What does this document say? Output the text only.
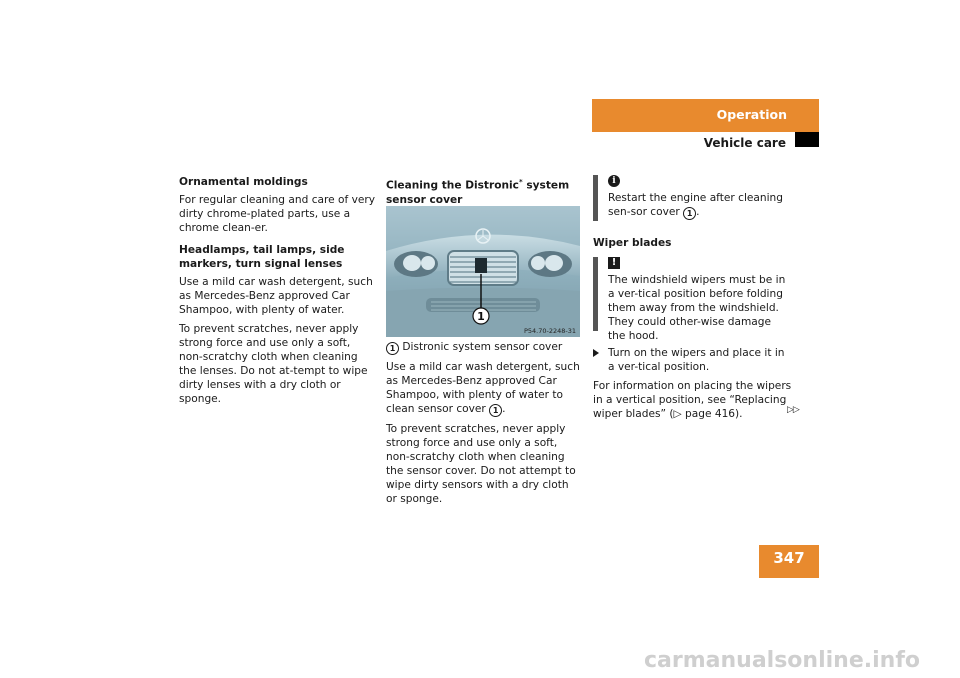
Operation
Vehicle care
Ornamental moldings

For regular cleaning and care of very dirty chrome-plated parts, use a chrome clean-er.

Headlamps, tail lamps, side markers, turn signal lenses

Use a mild car wash detergent, such as Mercedes-Benz approved Car Shampoo, with plenty of water.

To prevent scratches, never apply strong force and use only a soft, non-scratchy cloth when cleaning the lenses. Do not at-tempt to wipe dirty lenses with a dry cloth or sponge.

Cleaning the Distronic* system sensor cover
1
P54.70-2248-31

1 Distronic system sensor cover

Use a mild car wash detergent, such as Mercedes-Benz approved Car Shampoo, with plenty of water to clean sensor cover 1 .

To prevent scratches, never apply strong force and use only a soft, non-scratchy cloth when cleaning the sensor cover. Do not attempt to wipe dirty sensors with a dry cloth or sponge.

i

Restart the engine after cleaning sen-sor cover 1 .

Wiper blades
!

The windshield wipers must be in a ver-tical position before folding them away from the windshield. They could other-wise damage the hood.

Turn on the wipers and place it in a ver-tical position.

For information on placing the wipers in a vertical position, see “Replacing wiper blades” (▷ page 416).	▷▷
347
carmanualsonline.info
